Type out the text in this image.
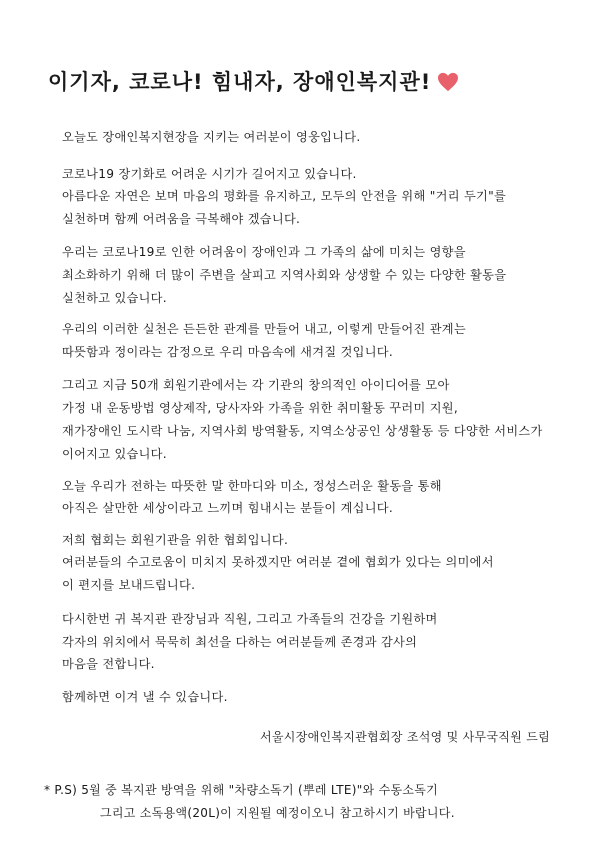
이기자, 코로나! 힘내자, 장애인복지관!
오늘도 장애인복지현장을 지키는 여러분이 영웅입니다.
코로나19 장기화로 어려운 시기가 길어지고 있습니다.
아름다운 자연은 보며 마음의 평화를 유지하고, 모두의 안전을 위해 "거리 두기"를
실천하며 함께 어려움을 극복해야 겠습니다.
우리는 코로나19로 인한 어려움이 장애인과 그 가족의 삶에 미치는 영향을
최소화하기 위해 더 많이 주변을 살피고 지역사회와 상생할 수 있는 다양한 활동을
실천하고 있습니다.
우리의 이러한 실천은 든든한 관계를 만들어 내고, 이렇게 만들어진 관계는
따뜻함과 정이라는 감정으로 우리 마음속에 새겨질 것입니다.
그리고 지금 50개 회원기관에서는 각 기관의 창의적인 아이디어를 모아
가정 내 운동방법 영상제작, 당사자와 가족을 위한 취미활동 꾸러미 지원,
재가장애인 도시락 나눔, 지역사회 방역활동, 지역소상공인 상생활동 등 다양한 서비스가
이어지고 있습니다.
오늘 우리가 전하는 따뜻한 말 한마디와 미소, 정성스러운 활동을 통해
아직은 살만한 세상이라고 느끼며 힘내시는 분들이 계십니다.
저희 협회는 회원기관을 위한 협회입니다.
여러분들의 수고로움이 미치지 못하겠지만 여러분 곁에 협회가 있다는 의미에서
이 편지를 보내드립니다.
다시한번 귀 복지관 관장님과 직원, 그리고 가족들의 건강을 기원하며
각자의 위치에서 묵묵히 최선을 다하는 여러분들께 존경과 감사의
마음을 전합니다.
함께하면 이겨 낼 수 있습니다.
서울시장애인복지관협회장 조석영 및 사무국직원 드림
* P.S) 5월 중 복지관 방역을 위해 "차량소독기 (뿌레 LTE)"와 수동소독기
그리고 소독용액(20L)이 지원될 예정이오니 참고하시기 바랍니다.
